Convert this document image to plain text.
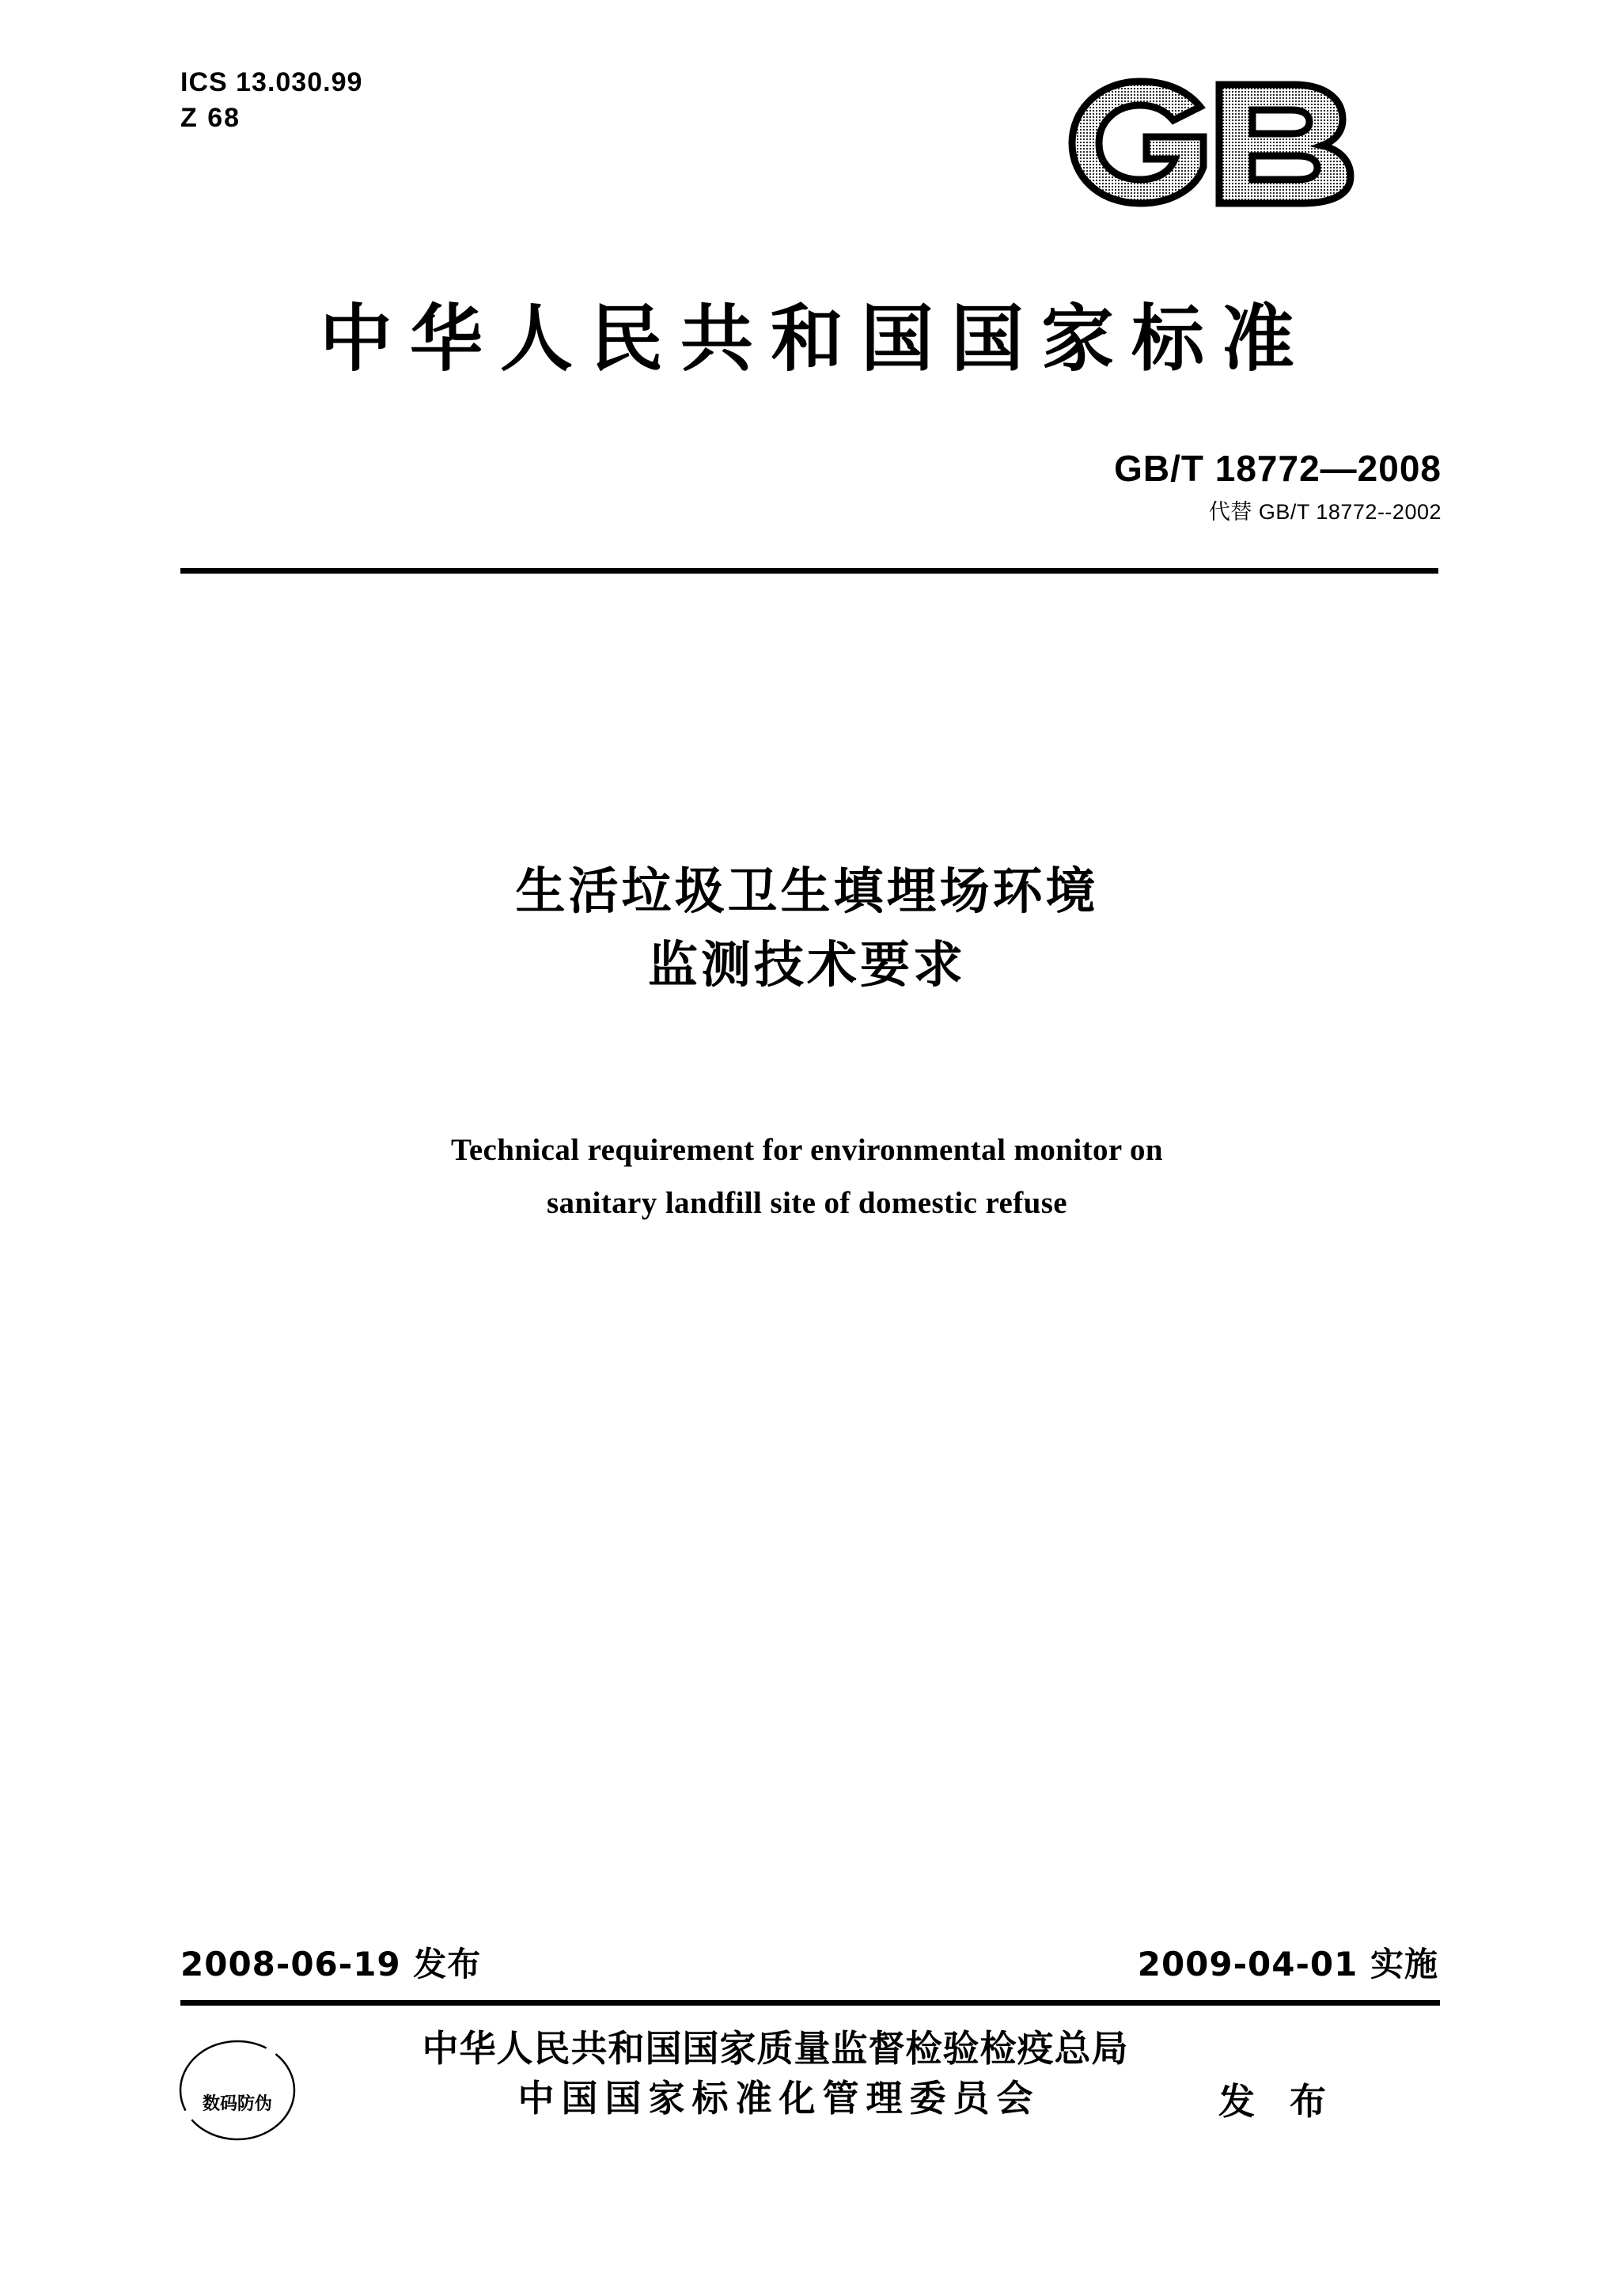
ICS 13.030.99
Z 68
中华人民共和国国家标准
GB/T 18772—2008
代替 GB/T 18772--2002
生活垃圾卫生填埋场环境
监测技术要求
Technical requirement for environmental monitor on
sanitary landfill site of domestic refuse
2008-06-19 发布	2009-04-01 实施
数码防伪
中华人民共和国国家质量监督检验检疫总局
中国国家标准化管理委员会	发 布
